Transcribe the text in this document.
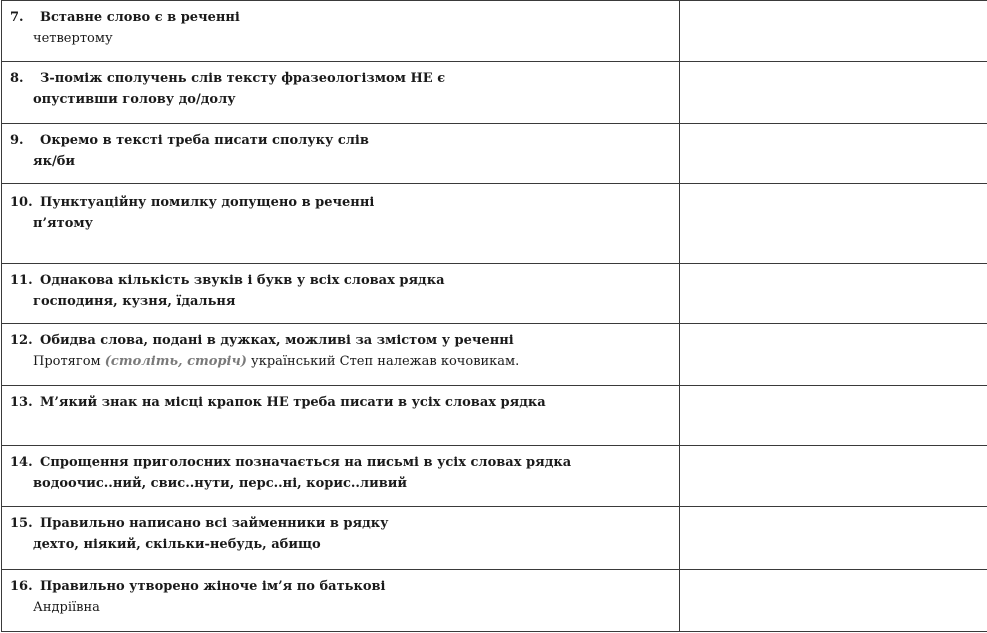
7. Вставне слово є в реченні
четвертому	

8. З-поміж сполучень слів тексту фразеологізмом НЕ є
опустивши голову до/долу	

9. Окремо в тексті треба писати сполуку слів
як/би	

10. Пунктуаційну помилку допущено в реченні
п’ятому	

11. Однакова кількість звуків і букв у всіх словах рядка
господиня, кузня, їдальня	

12. Обидва слова, подані в дужках, можливі за змістом у реченні
Протягом (століть, сторіч) український Степ належав кочовикам.	

13. М’який знак на місці крапок НЕ треба писати в усіх словах рядка	

14. Спрощення приголосних позначається на письмі в усіх словах рядка
водоочис..ний, свис..нути, перс..ні, корис..ливий	

15. Правильно написано всі займенники в рядку
дехто, ніякий, скільки-небудь, абищо	

16. Правильно утворено жіноче ім’я по батькові
Андріївна	
